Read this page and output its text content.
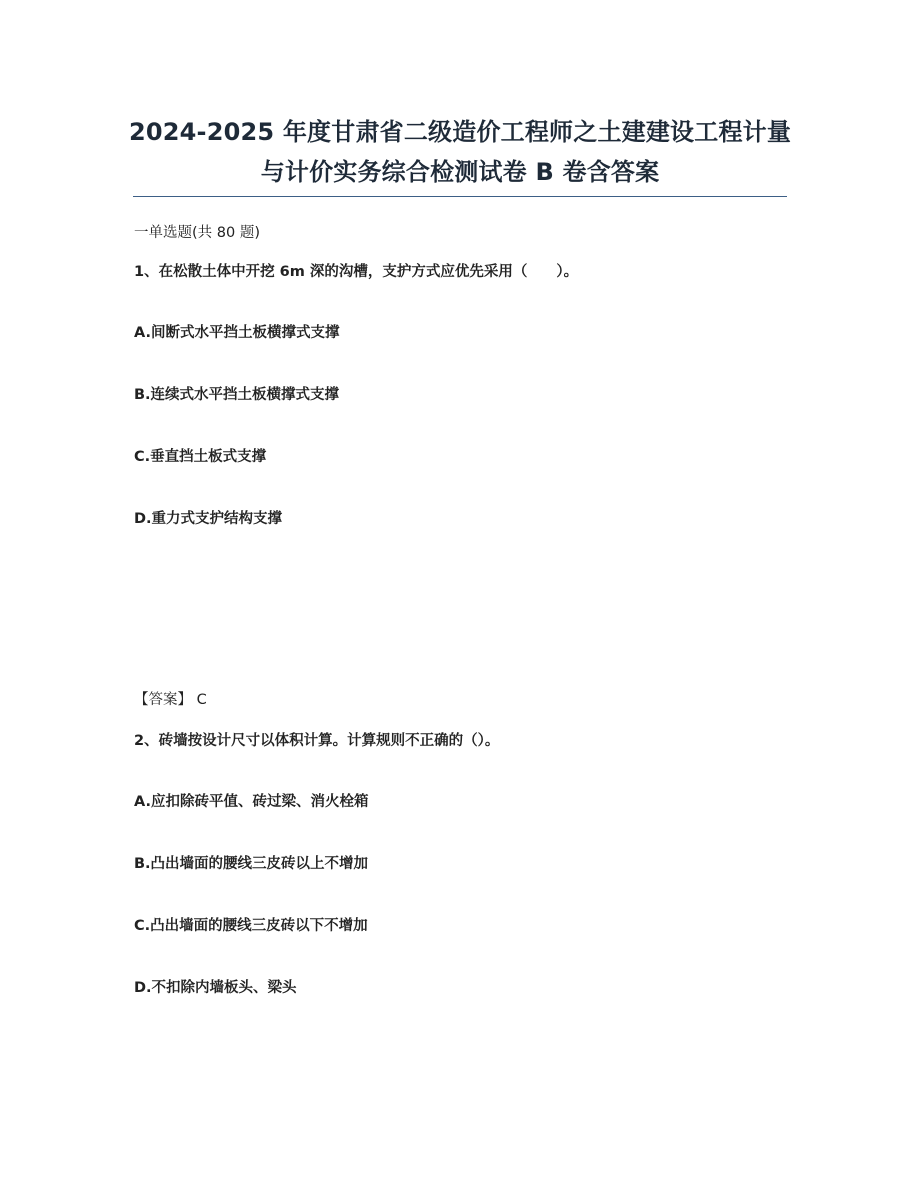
2024-2025 年度甘肃省二级造价工程师之土建建设工程计量
与计价实务综合检测试卷 B 卷含答案
一单选题(共 80 题)
1、在松散土体中开挖 6m 深的沟槽，支护方式应优先采用（　　）。
A.间断式水平挡土板横撑式支撑
B.连续式水平挡土板横撑式支撑
C.垂直挡土板式支撑
D.重力式支护结构支撑
【答案】 C
2、砖墙按设计尺寸以体积计算。计算规则不正确的（）。
A.应扣除砖平值、砖过梁、消火栓箱
B.凸出墙面的腰线三皮砖以上不增加
C.凸出墙面的腰线三皮砖以下不增加
D.不扣除内墙板头、梁头
